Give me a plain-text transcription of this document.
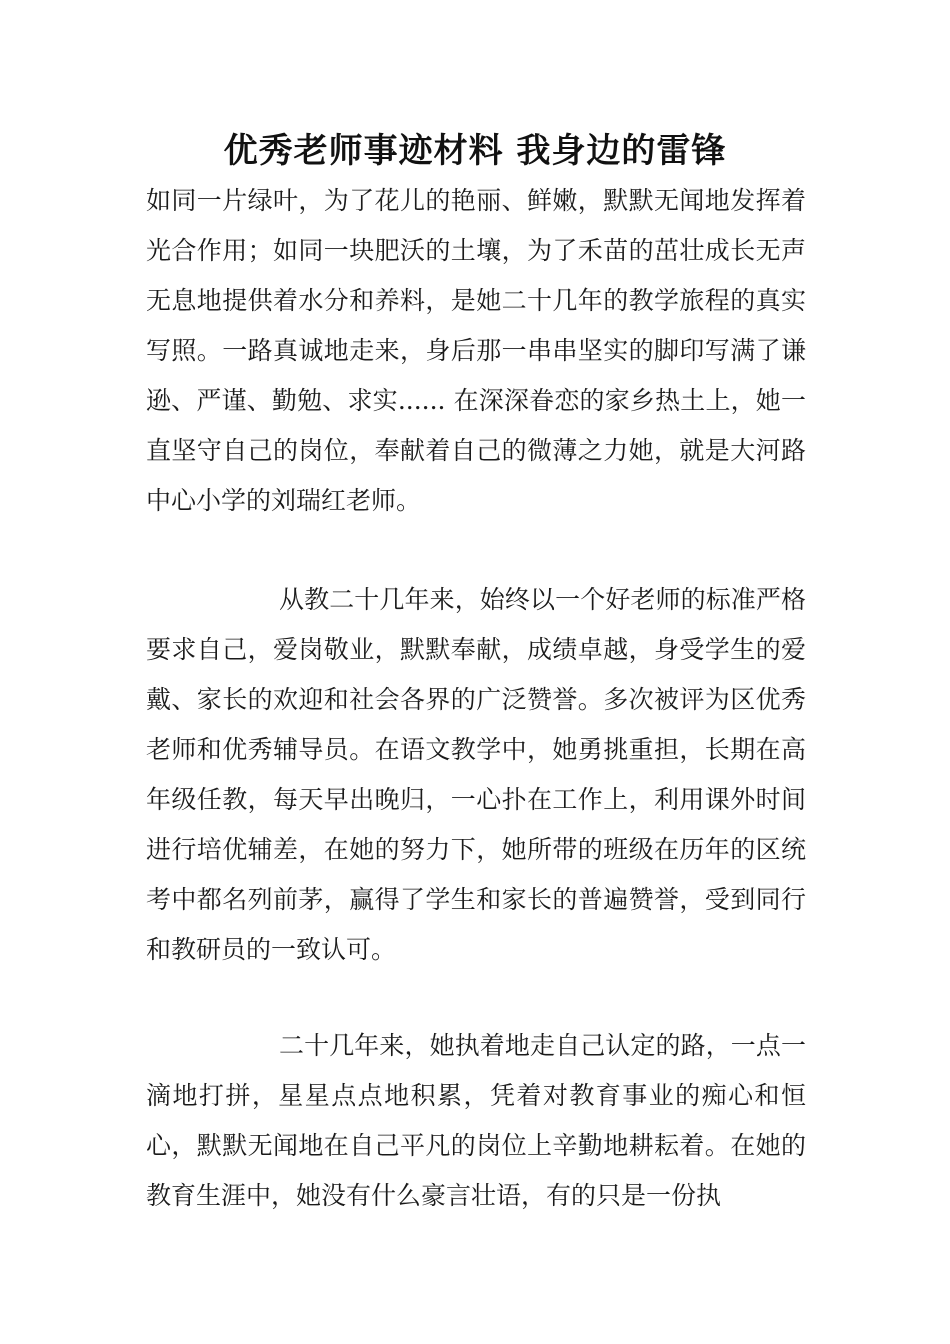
优秀老师事迹材料 我身边的雷锋
如同一片绿叶，为了花儿的艳丽、鲜嫩，默默无闻地发挥着光合作用；如同一块肥沃的土壤，为了禾苗的茁壮成长无声无息地提供着水分和养料，是她二十几年的教学旅程的真实写照。一路真诚地走来，身后那一串串坚实的脚印写满了谦逊、严谨、勤勉、求实...... 在深深眷恋的家乡热土上，她一直坚守自己的岗位，奉献着自己的微薄之力她，就是大河路中心小学的刘瑞红老师。
从教二十几年来，始终以一个好老师的标准严格要求自己，爱岗敬业，默默奉献，成绩卓越，身受学生的爱戴、家长的欢迎和社会各界的广泛赞誉。多次被评为区优秀老师和优秀辅导员。在语文教学中，她勇挑重担，长期在高年级任教，每天早出晚归，一心扑在工作上，利用课外时间进行培优辅差，在她的努力下，她所带的班级在历年的区统考中都名列前茅，赢得了学生和家长的普遍赞誉，受到同行和教研员的一致认可。
二十几年来，她执着地走自己认定的路，一点一滴地打拼，星星点点地积累，凭着对教育事业的痴心和恒心，默默无闻地在自己平凡的岗位上辛勤地耕耘着。在她的教育生涯中，她没有什么豪言壮语，有的只是一份执
